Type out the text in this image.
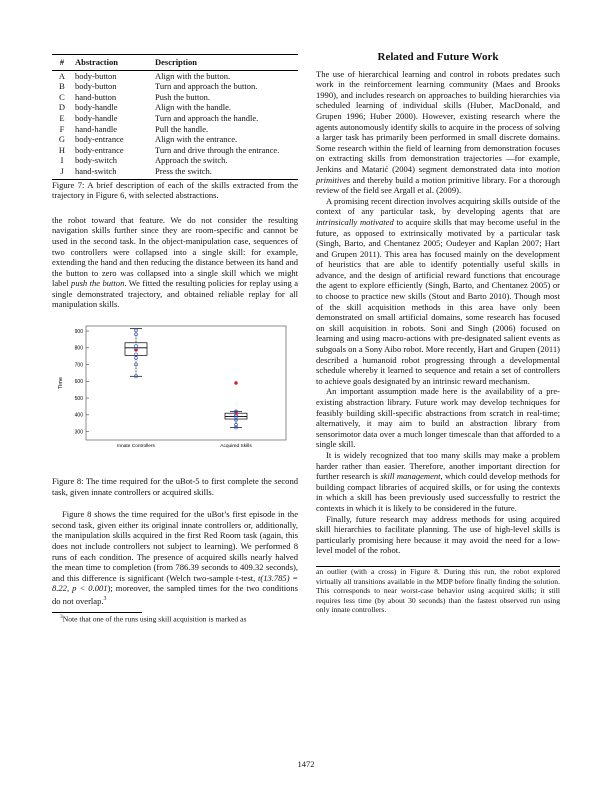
#	Abstraction	Description
A	body-button	Align with the button.
B	body-button	Turn and approach the button.
C	hand-button	Push the button.
D	body-handle	Align with the handle.
E	body-handle	Turn and approach the handle.
F	hand-handle	Pull the handle.
G	body-entrance	Align with the entrance.
H	body-entrance	Turn and drive through the entrance.
I	body-switch	Approach the switch.
J	hand-switch	Press the switch.

Figure 7: A brief description of each of the skills extracted from the trajectory in Figure 6, with selected abstractions.

the robot toward that feature. We do not consider the resulting navigation skills further since they are room-specific and cannot be used in the second task. In the object-manipulation case, sequences of two controllers were collapsed into a single skill: for example, extending the hand and then reducing the distance between its hand and the button to zero was collapsed into a single skill which we might label push the button. We fitted the resulting policies for replay using a single demonstrated trajectory, and obtained reliable replay for all manipulation skills.

300
400
500
600
700
800
900
Time
Innate Controllers	Acquired Skills

Figure 8: The time required for the uBot-5 to first complete the second task, given innate controllers or acquired skills.

Figure 8 shows the time required for the uBot’s first episode in the second task, given either its original innate controllers or, additionally, the manipulation skills acquired in the first Red Room task (again, this does not include controllers not subject to learning). We performed 8 runs of each condition. The presence of acquired skills nearly halved the mean time to completion (from 786.39 seconds to 409.32 seconds), and this difference is significant (Welch two-sample t-test, t(13.785) = 8.22, p < 0.001); moreover, the sampled times for the two conditions do not overlap.$^3$

$^3$Note that one of the runs using skill acquisition is marked as

Related and Future Work

The use of hierarchical learning and control in robots predates such work in the reinforcement learning community (Maes and Brooks 1990), and includes research on approaches to building hierarchies via scheduled learning of individual skills (Huber, MacDonald, and Grupen 1996; Huber 2000). However, existing research where the agents autonomously identify skills to acquire in the process of solving a larger task has primarily been performed in small discrete domains. Some research within the field of learning from demonstration focuses on extracting skills from demonstration trajectories —for example, Jenkins and Matarić (2004) segment demonstrated data into motion primitives and thereby build a motion primitive library. For a thorough review of the field see Argall et al. (2009).

A promising recent direction involves acquiring skills outside of the context of any particular task, by developing agents that are intrinsically motivated to acquire skills that may become useful in the future, as opposed to extrinsically motivated by a particular task (Singh, Barto, and Chentanez 2005; Oudeyer and Kaplan 2007; Hart and Grupen 2011). This area has focused mainly on the development of heuristics that are able to identify potentially useful skills in advance, and the design of artificial reward functions that encourage the agent to explore efficiently (Singh, Barto, and Chentanez 2005) or to choose to practice new skills (Stout and Barto 2010). Though most of the skill acquisition methods in this area have only been demonstrated on small artificial domains, some research has focused on skill acquisition in robots. Soni and Singh (2006) focused on learning and using macro-actions with pre-designated salient events as subgoals on a Sony Aibo robot. More recently, Hart and Grupen (2011) described a humanoid robot progressing through a developmental schedule whereby it learned to sequence and retain a set of controllers to achieve goals designated by an intrinsic reward mechanism.

An important assumption made here is the availability of a pre-existing abstraction library. Future work may develop techniques for feasibly building skill-specific abstractions from scratch in real-time; alternatively, it may aim to build an abstraction library from sensorimotor data over a much longer timescale than that afforded to a single skill.

It is widely recognized that too many skills may make a problem harder rather than easier. Therefore, another important direction for further research is skill management, which could develop methods for building compact libraries of acquired skills, or for using the contexts in which a skill has been previously used successfully to restrict the contexts in which it is likely to be considered in the future.

Finally, future research may address methods for using acquired skill hierarchies to facilitate planning. The use of high-level skills is particularly promising here because it may avoid the need for a low-level model of the robot.

an outlier (with a cross) in Figure 8. During this run, the robot explored virtually all transitions available in the MDP before finally finding the solution. This corresponds to near worst-case behavior using acquired skills; it still requires less time (by about 30 seconds) than the fastest observed run using only innate controllers.

1472
